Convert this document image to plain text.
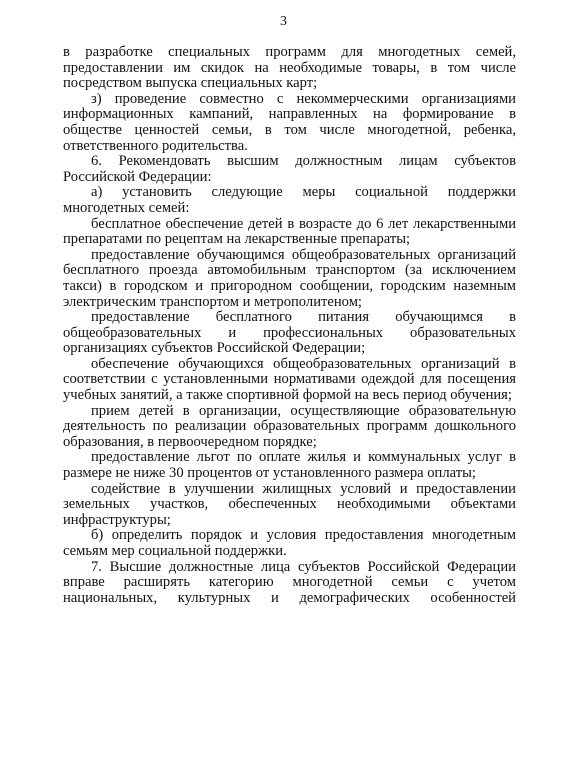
3

в разработке специальных программ для многодетных семей, предоставлении им скидок на необходимые товары, в том числе посредством выпуска специальных карт;

з) проведение совместно с некоммерческими организациями информационных кампаний, направленных на формирование в обществе ценностей семьи, в том числе многодетной, ребенка, ответственного родительства.

6. Рекомендовать высшим должностным лицам субъектов Российской Федерации:

а) установить следующие меры социальной поддержки многодетных семей:

бесплатное обеспечение детей в возрасте до 6 лет лекарственными препаратами по рецептам на лекарственные препараты;

предоставление обучающимся общеобразовательных организаций бесплатного проезда автомобильным транспортом (за исключением такси) в городском и пригородном сообщении, городским наземным электрическим транспортом и метрополитеном;

предоставление бесплатного питания обучающимся в общеобразовательных и профессиональных образовательных организациях субъектов Российской Федерации;

обеспечение обучающихся общеобразовательных организаций в соответствии с установленными нормативами одеждой для посещения учебных занятий, а также спортивной формой на весь период обучения;

прием детей в организации, осуществляющие образовательную деятельность по реализации образовательных программ дошкольного образования, в первоочередном порядке;

предоставление льгот по оплате жилья и коммунальных услуг в размере не ниже 30 процентов от установленного размера оплаты;

содействие в улучшении жилищных условий и предоставлении земельных участков, обеспеченных необходимыми объектами инфраструктуры;

б) определить порядок и условия предоставления многодетным семьям мер социальной поддержки.

7. Высшие должностные лица субъектов Российской Федерации вправе расширять категорию многодетной семьи с учетом национальных, культурных и демографических особенностей
